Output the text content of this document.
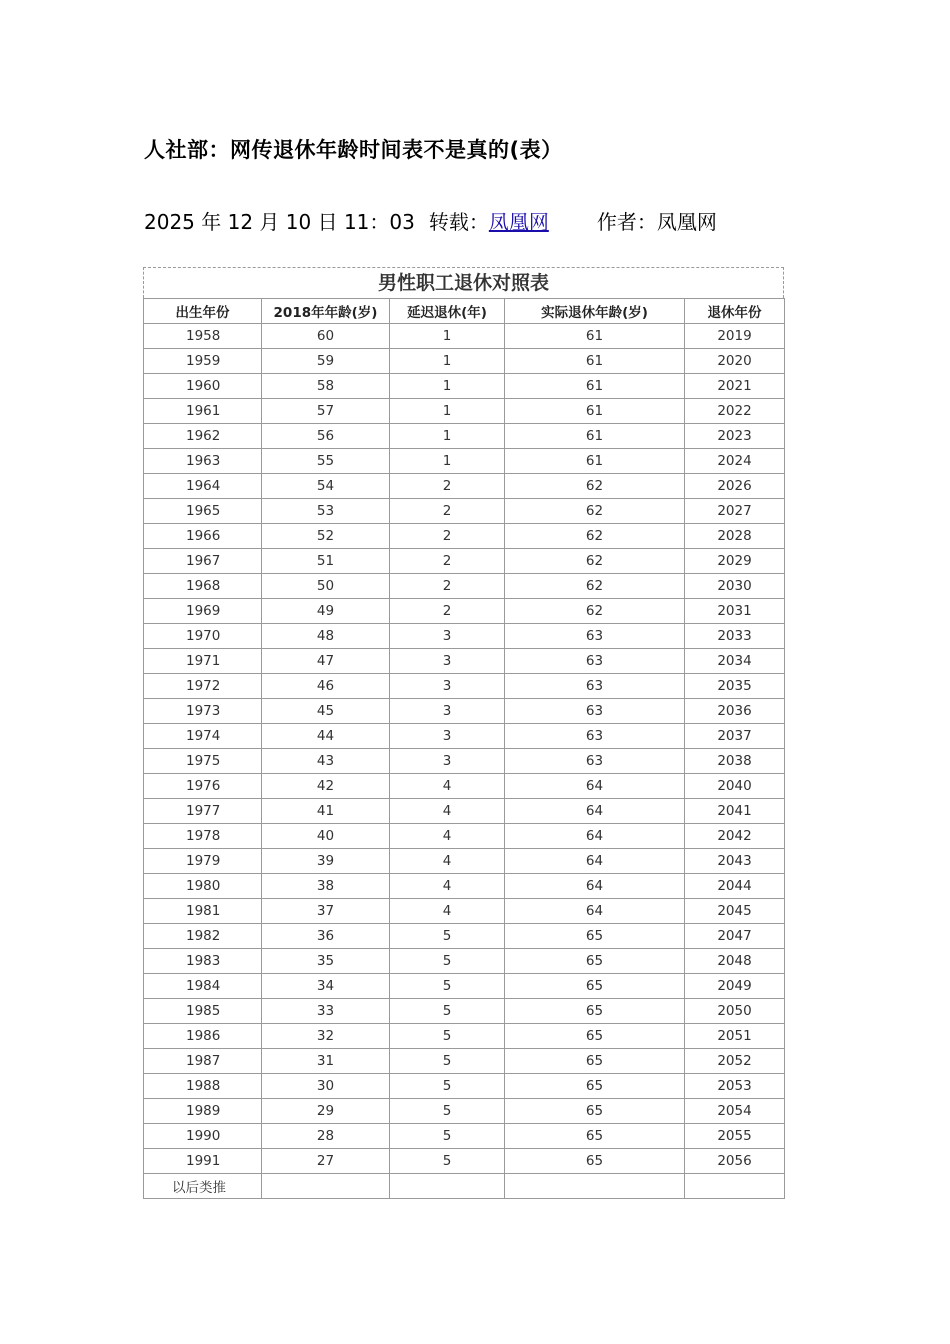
人社部：网传退休年龄时间表不是真的(表）
2025 年 12 月 10 日 11：03 转载：凤凰网 作者：凤凰网
男性职工退休对照表
出生年份	2018年年龄(岁)	延迟退休(年)	实际退休年龄(岁)	退休年份
1958	60	1	61	2019
1959	59	1	61	2020
1960	58	1	61	2021
1961	57	1	61	2022
1962	56	1	61	2023
1963	55	1	61	2024
1964	54	2	62	2026
1965	53	2	62	2027
1966	52	2	62	2028
1967	51	2	62	2029
1968	50	2	62	2030
1969	49	2	62	2031
1970	48	3	63	2033
1971	47	3	63	2034
1972	46	3	63	2035
1973	45	3	63	2036
1974	44	3	63	2037
1975	43	3	63	2038
1976	42	4	64	2040
1977	41	4	64	2041
1978	40	4	64	2042
1979	39	4	64	2043
1980	38	4	64	2044
1981	37	4	64	2045
1982	36	5	65	2047
1983	35	5	65	2048
1984	34	5	65	2049
1985	33	5	65	2050
1986	32	5	65	2051
1987	31	5	65	2052
1988	30	5	65	2053
1989	29	5	65	2054
1990	28	5	65	2055
1991	27	5	65	2056
以后类推				
